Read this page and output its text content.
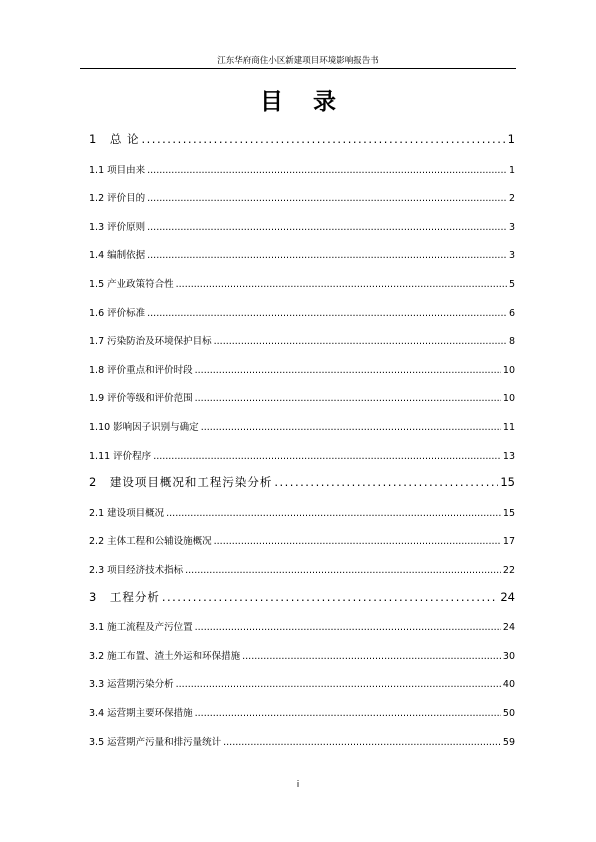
江东华府商住小区新建项目环境影响报告书
目录
1　总 论 .....	1
1.1 项目由来 .....	1
1.2 评价目的 .....	2
1.3 评价原则 .....	3
1.4 编制依据 .....	3
1.5 产业政策符合性 .....	5
1.6 评价标准 .....	6
1.7 污染防治及环境保护目标 .....	8
1.8 评价重点和评价时段 .....	10
1.9 评价等级和评价范围 .....	10
1.10 影响因子识别与确定 .....	11
1.11 评价程序 .....	13
2　建设项目概况和工程污染分析 .....	15
2.1 建设项目概况 .....	15
2.2 主体工程和公辅设施概况 .....	17
2.3 项目经济技术指标 .....	22
3　工程分析 .....	24
3.1 施工流程及产污位置 .....	24
3.2 施工布置、渣土外运和环保措施 .....	30
3.3 运营期污染分析 .....	40
3.4 运营期主要环保措施 .....	50
3.5 运营期产污量和排污量统计 .....	59
i
